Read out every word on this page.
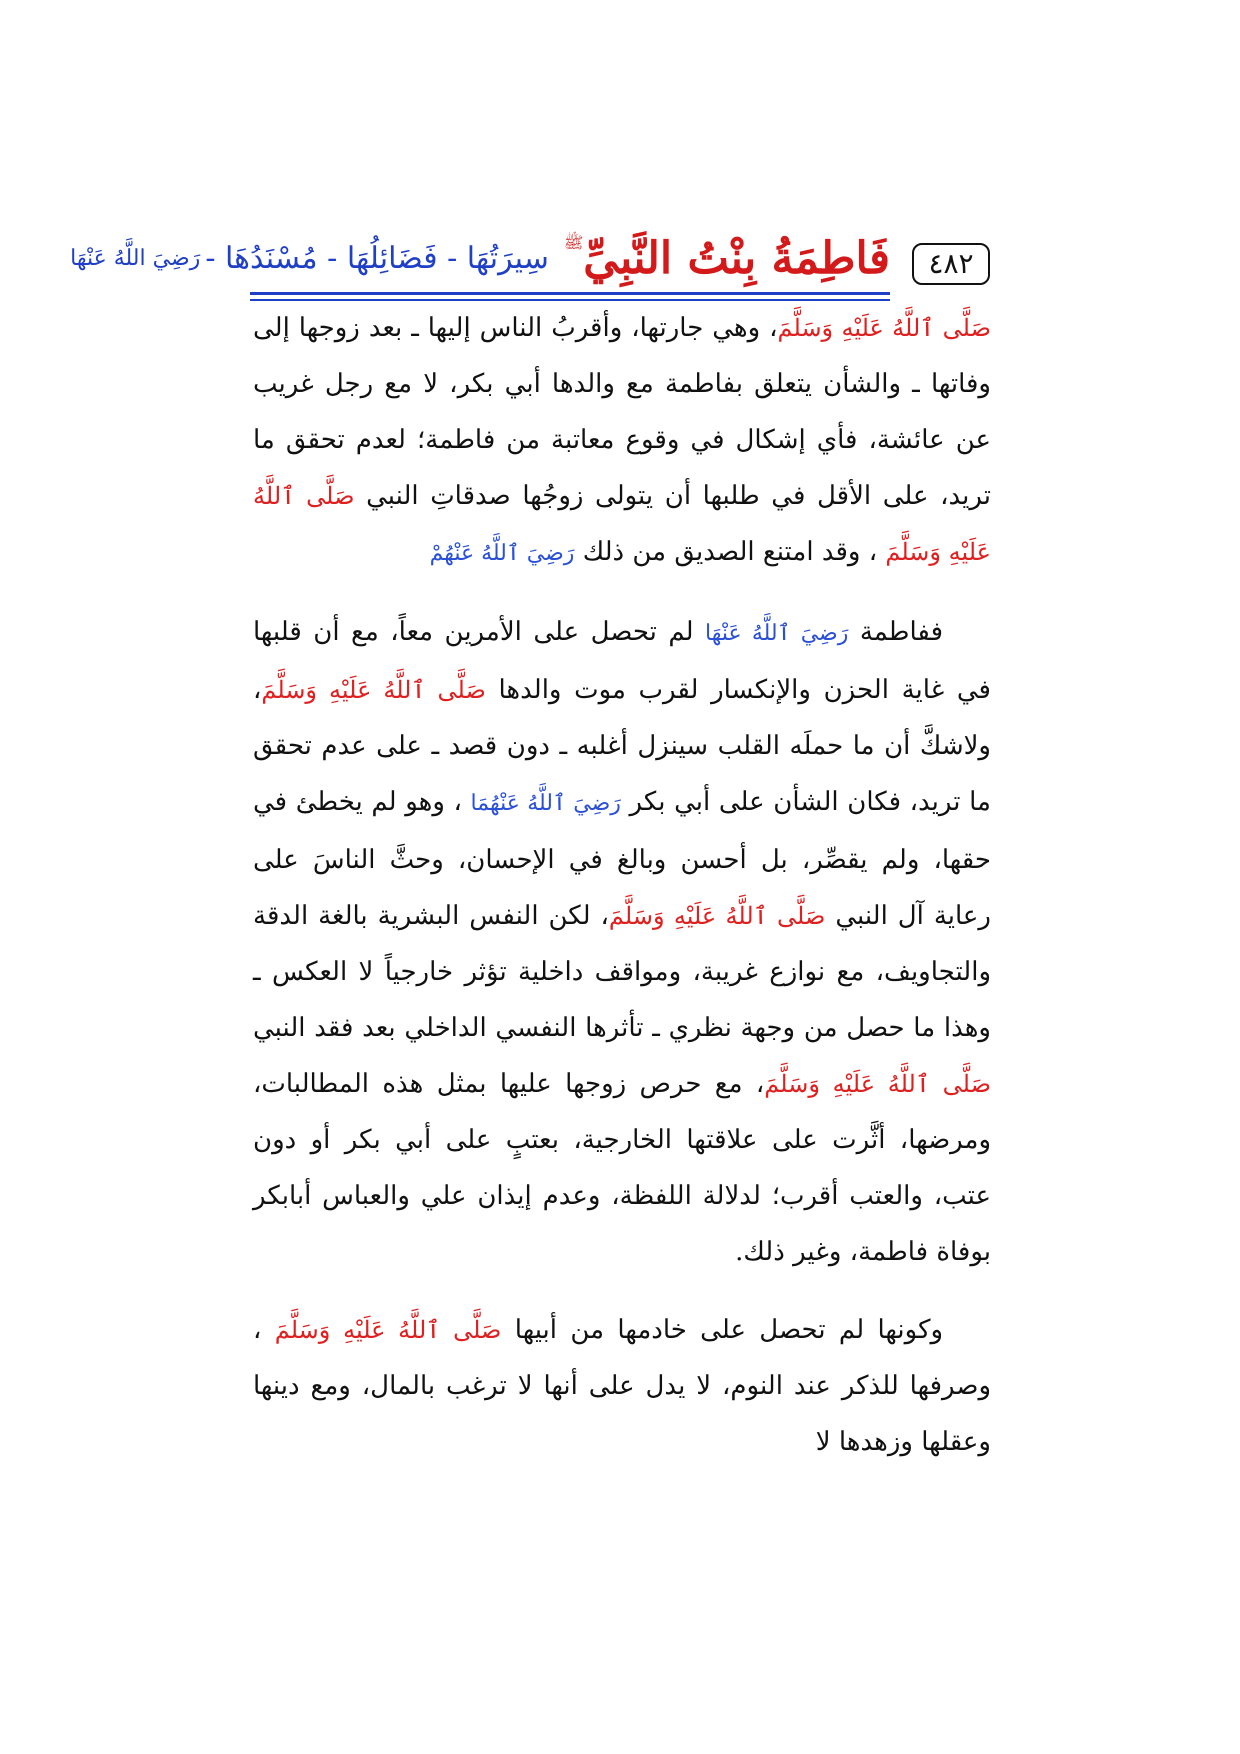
٤٨٢
فَاطِمَةُ بِنْتُ النَّبِيِّﷺ سِيرَتُهَا - فَضَائِلُهَا - مُسْنَدُهَا - رَضِيَ اللَّهُ عَنْهَا

صَلَّى ٱللَّهُ عَلَيْهِ وَسَلَّمَ، وهي جارتها، وأقربُ الناس إليها ـ بعد زوجها إلى وفاتها ـ والشأن يتعلق بفاطمة مع والدها أبي بكر، لا مع رجل غريب عن عائشة، فأي إشكال في وقوع معاتبة من فاطمة؛ لعدم تحقق ما تريد، على الأقل في طلبها أن يتولى زوجُها صدقاتِ النبي صَلَّى ٱللَّهُ عَلَيْهِ وَسَلَّمَ ، وقد امتنع الصديق من ذلك رَضِيَ ٱللَّهُ عَنْهُمْ

ففاطمة رَضِيَ ٱللَّهُ عَنْهَا لم تحصل على الأمرين معاً، مع أن قلبها في غاية الحزن والإنكسار لقرب موت والدها صَلَّى ٱللَّهُ عَلَيْهِ وَسَلَّمَ، ولاشكَّ أن ما حملَه القلب سينزل أغلبه ـ دون قصد ـ على عدم تحقق ما تريد، فكان الشأن على أبي بكر رَضِيَ ٱللَّهُ عَنْهُمَا ، وهو لم يخطئ في حقها، ولم يقصِّر، بل أحسن وبالغ في الإحسان، وحثَّ الناسَ على رعاية آل النبي صَلَّى ٱللَّهُ عَلَيْهِ وَسَلَّمَ، لكن النفس البشرية بالغة الدقة والتجاويف، مع نوازع غريبة، ومواقف داخلية تؤثر خارجياً لا العكس ـ وهذا ما حصل من وجهة نظري ـ تأثرها النفسي الداخلي بعد فقد النبي صَلَّى ٱللَّهُ عَلَيْهِ وَسَلَّمَ، مع حرص زوجها عليها بمثل هذه المطالبات، ومرضها، أثَّرت على علاقتها الخارجية، بعتبٍ على أبي بكر أو دون عتب، والعتب أقرب؛ لدلالة اللفظة، وعدم إيذان علي والعباس أبابكر بوفاة فاطمة، وغير ذلك.

وكونها لم تحصل على خادمها من أبيها صَلَّى ٱللَّهُ عَلَيْهِ وَسَلَّمَ ، وصرفها للذكر عند النوم، لا يدل على أنها لا ترغب بالمال، ومع دينها وعقلها وزهدها لا
